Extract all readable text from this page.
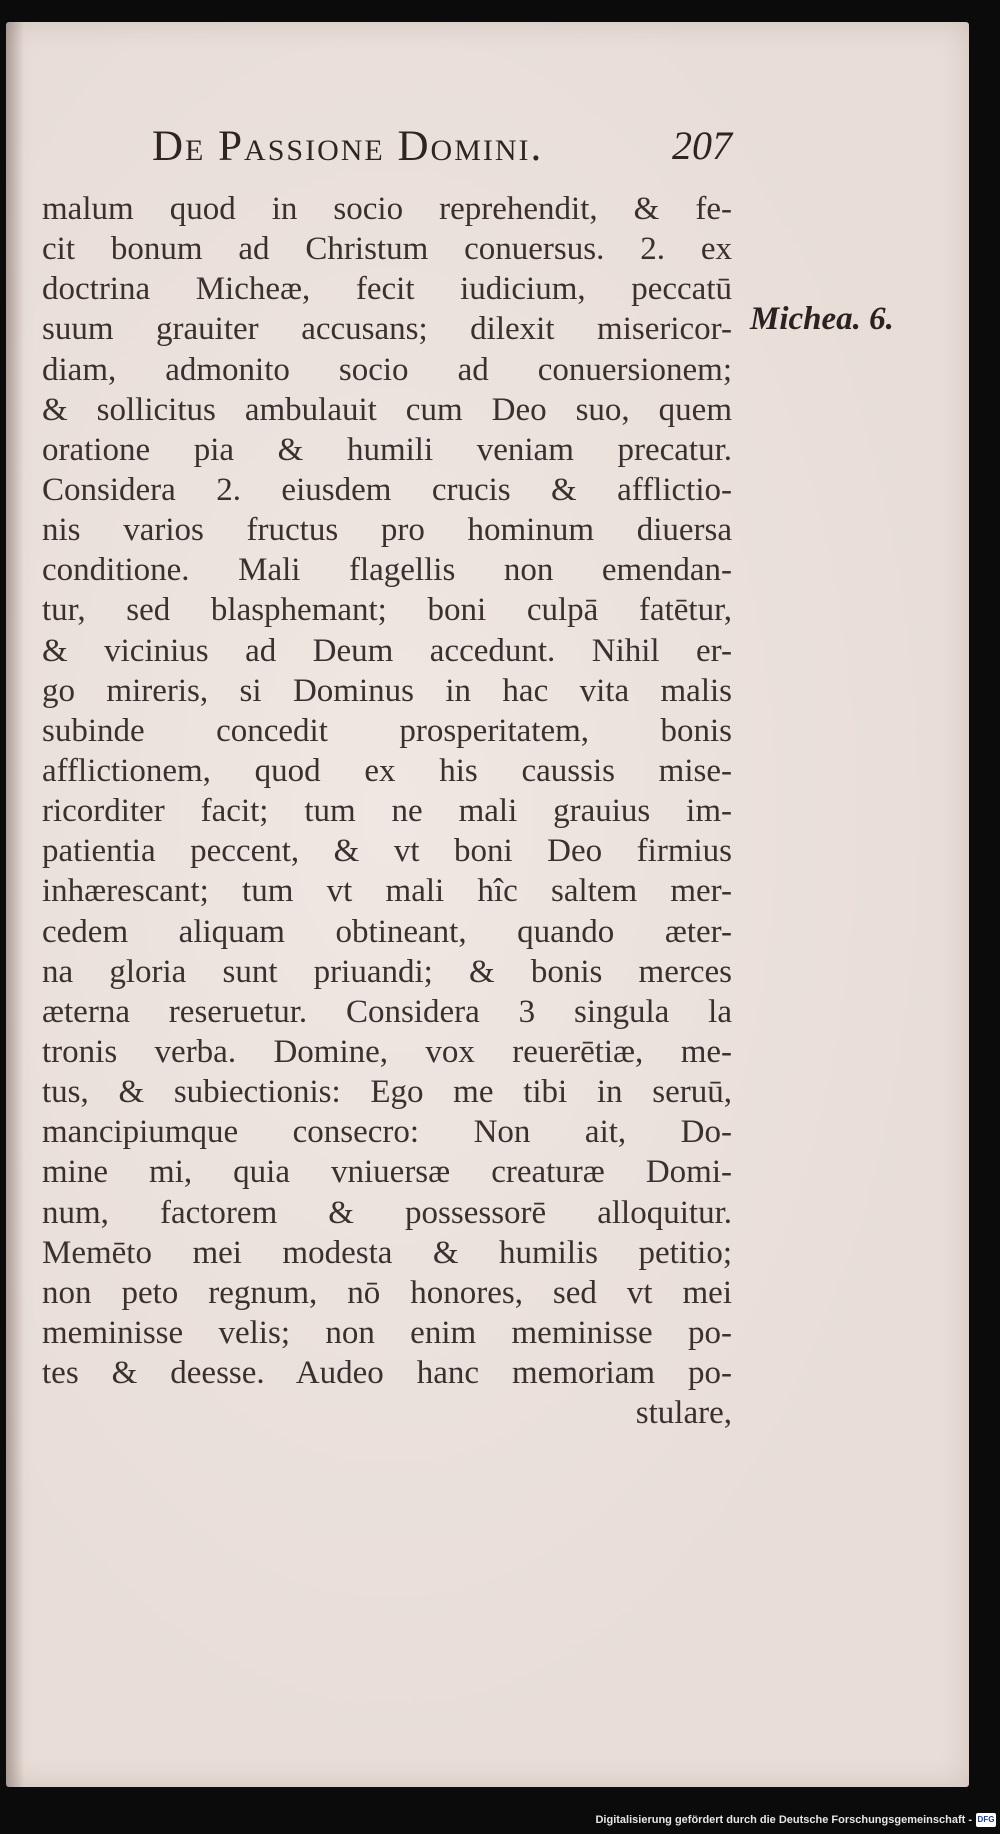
De Passione Domini.	207
malum quod in socio reprehendit, & fe-
cit bonum ad Christum conuersus. 2. ex
doctrina Micheæ, fecit iudicium, peccatū
suum grauiter accusans; dilexit misericor-
diam, admonito socio ad conuersionem;
& sollicitus ambulauit cum Deo suo, quem
oratione pia & humili veniam precatur.
Considera 2. eiusdem crucis & afflictio-
nis varios fructus pro hominum diuersa
conditione. Mali flagellis non emendan-
tur, sed blasphemant; boni culpā fatētur,
& vicinius ad Deum accedunt. Nihil er-
go mireris, si Dominus in hac vita malis
subinde concedit prosperitatem, bonis
afflictionem, quod ex his caussis mise-
ricorditer facit; tum ne mali grauius im-
patientia peccent, & vt boni Deo firmius
inhærescant; tum vt mali hîc saltem mer-
cedem aliquam obtineant, quando æter-
na gloria sunt priuandi; & bonis merces
æterna reseruetur. Considera 3 singula la
tronis verba. Domine, vox reuerētiæ, me-
tus, & subiectionis: Ego me tibi in seruū,
mancipiumque consecro: Non ait, Do-
mine mi, quia vniuersæ creaturæ Domi-
num, factorem & possessorē alloquitur.
Memēto mei modesta & humilis petitio;
non peto regnum, nō honores, sed vt mei
meminisse velis; non enim meminisse po-
tes & deesse. Audeo hanc memoriam po-
stulare,
Michea. 6.
Digitalisierung gefördert durch die Deutsche Forschungsgemeinschaft - DFG
